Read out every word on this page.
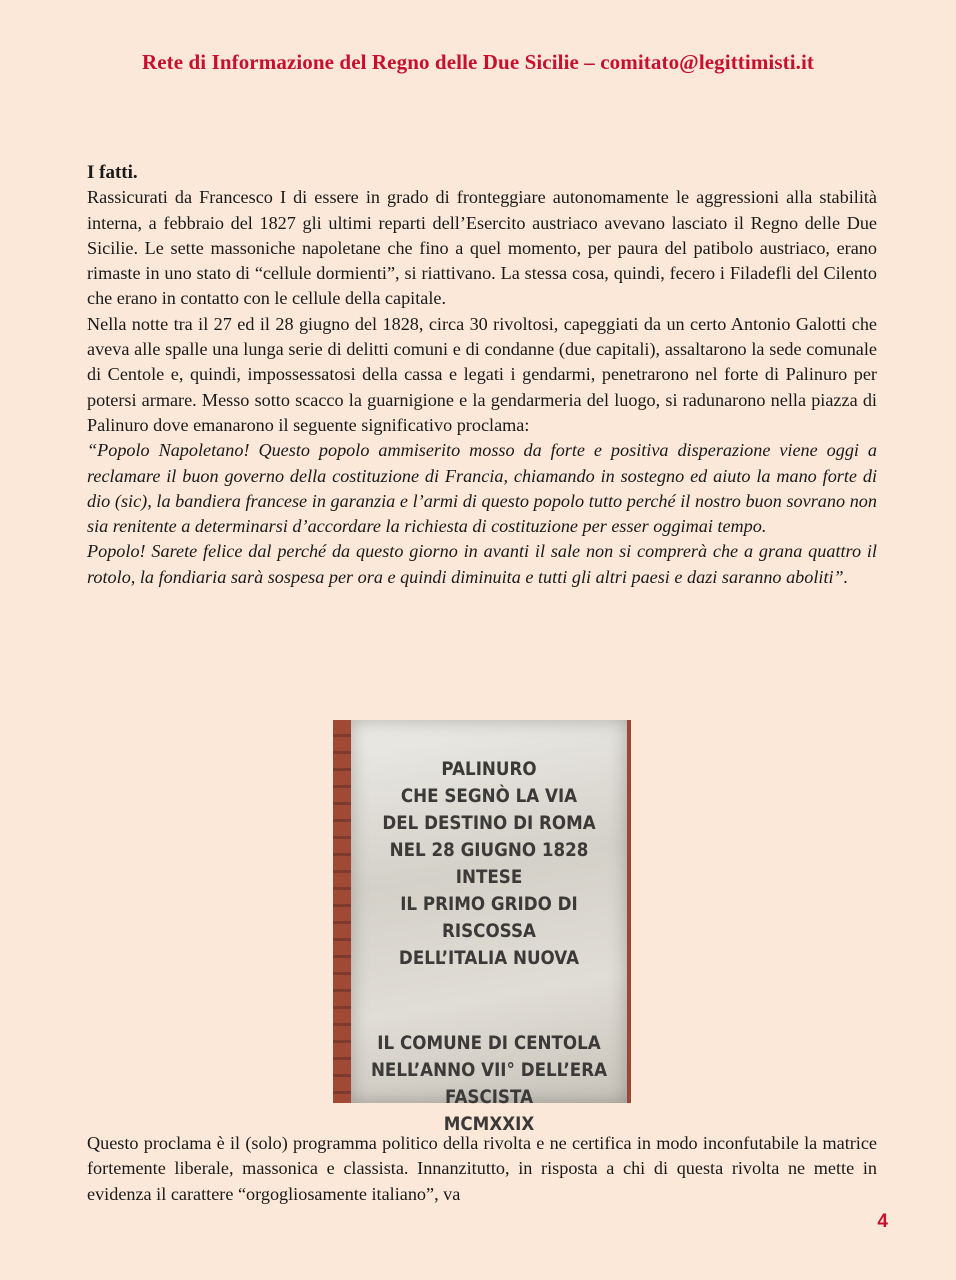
Rete di Informazione del Regno delle Due Sicilie – comitato@legittimisti.it

I fatti.

Rassicurati da Francesco I di essere in grado di fronteggiare autonomamente le aggressioni alla stabilità interna, a febbraio del 1827 gli ultimi reparti dell’Esercito austriaco avevano lasciato il Regno delle Due Sicilie. Le sette massoniche napoletane che fino a quel momento, per paura del patibolo austriaco, erano rimaste in uno stato di “cellule dormienti”, si riattivano. La stessa cosa, quindi, fecero i Filadefli del Cilento che erano in contatto con le cellule della capitale.

Nella notte tra il 27 ed il 28 giugno del 1828, circa 30 rivoltosi, capeggiati da un certo Antonio Galotti che aveva alle spalle una lunga serie di delitti comuni e di condanne (due capitali), assaltarono la sede comunale di Centole e, quindi, impossessatosi della cassa e legati i gendarmi, penetrarono nel forte di Palinuro per potersi armare. Messo sotto scacco la guarnigione e la gendarmeria del luogo, si radunarono nella piazza di Palinuro dove emanarono il seguente significativo proclama:

“Popolo Napoletano! Questo popolo ammiserito mosso da forte e positiva disperazione viene oggi a reclamare il buon governo della costituzione di Francia, chiamando in sostegno ed aiuto la mano forte di dio (sic), la bandiera francese in garanzia e l’armi di questo popolo tutto perché il nostro buon sovrano non sia renitente a determinarsi d’accordare la richiesta di costituzione per esser oggimai tempo.

Popolo! Sarete felice dal perché da questo giorno in avanti il sale non si comprerà che a grana quattro il rotolo, la fondiaria sarà sospesa per ora e quindi diminuita e tutti gli altri paesi e dazi saranno aboliti”.

PALINURO
CHE SEGNÒ LA VIA
DEL DESTINO DI ROMA
NEL 28 GIUGNO 1828
INTESE
IL PRIMO GRIDO DI RISCOSSA
DELL’ITALIA NUOVA
IL COMUNE DI CENTOLA
NELL’ANNO VII° DELL’ERA FASCISTA
MCMXXIX

Questo proclama è il (solo) programma politico della rivolta e ne certifica in modo inconfutabile la matrice fortemente liberale, massonica e classista. Innanzitutto, in risposta a chi di questa rivolta ne mette in evidenza il carattere “orgogliosamente italiano”, va

4
